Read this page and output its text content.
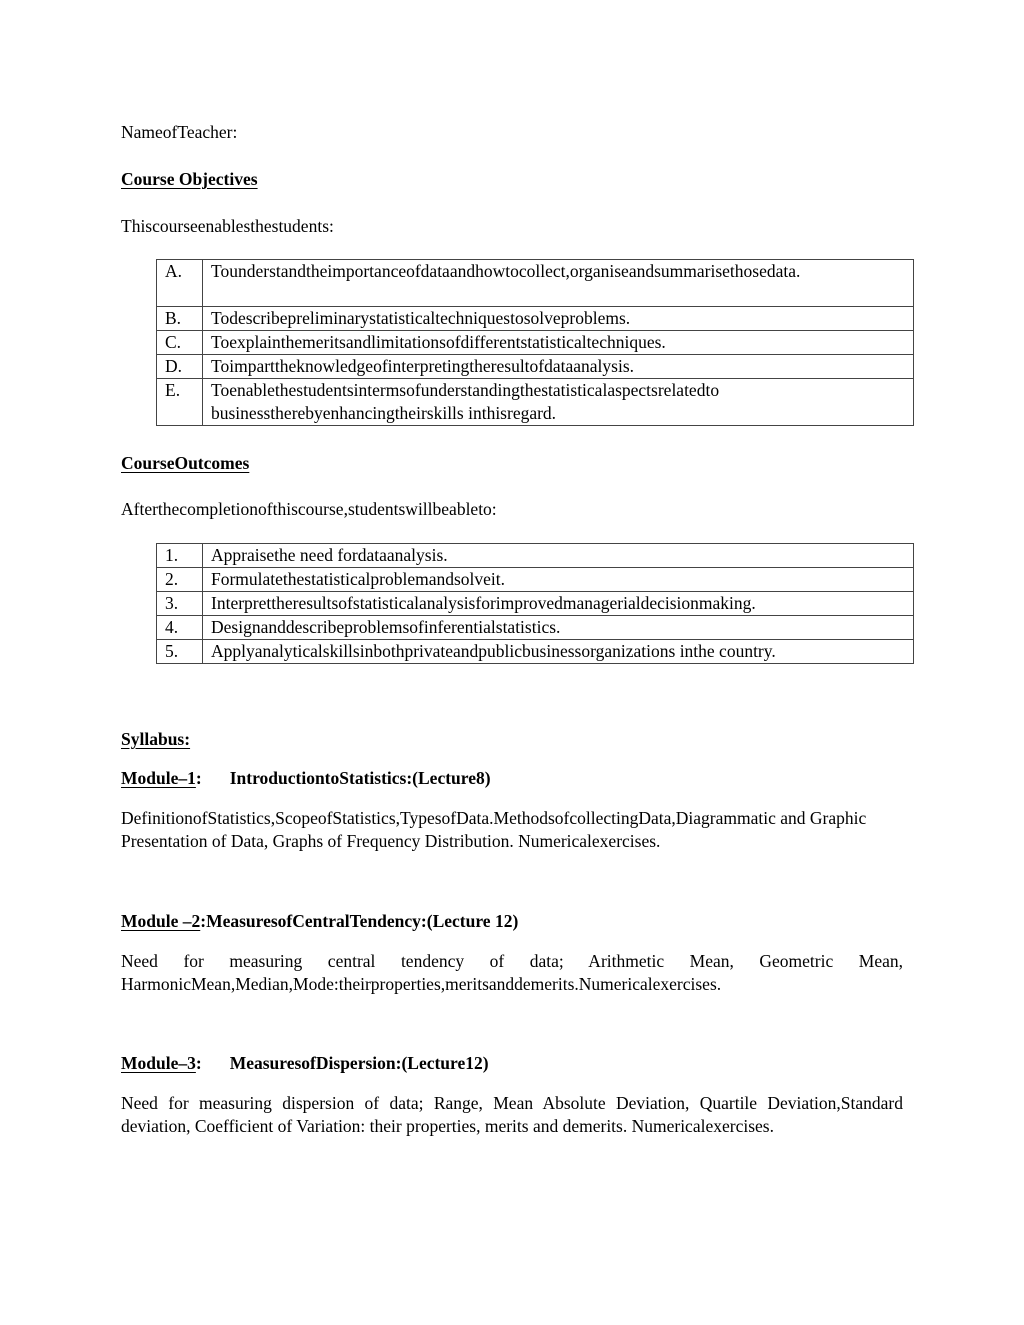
NameofTeacher:
Course Objectives
Thiscourseenablesthestudents:
A.	Tounderstandtheimportanceofdataandhowtocollect,organiseandsummarisethosedata.
B.	Todescribepreliminarystatisticaltechniquestosolveproblems.
C.	Toexplainthemeritsandlimitationsofdifferentstatisticaltechniques.
D.	Toimparttheknowledgeofinterpretingtheresultofdataanalysis.
E.	Toenablethestudentsintermsofunderstandingthestatisticalaspectsrelatedto businesstherebyenhancingtheirskills inthisregard.
CourseOutcomes
Afterthecompletionofthiscourse,studentswillbeableto:
1.	Appraisethe need fordataanalysis.
2.	Formulatethestatisticalproblemandsolveit.
3.	Interprettheresultsofstatisticalanalysisforimprovedmanagerialdecisionmaking.
4.	Designanddescribeproblemsofinferentialstatistics.
5.	Applyanalyticalskillsinbothprivateandpublicbusinessorganizations inthe country.
Syllabus:
Module–1: IntroductiontoStatistics:(Lecture8)
DefinitionofStatistics,ScopeofStatistics,TypesofData.MethodsofcollectingData,Diagrammatic and Graphic Presentation of Data, Graphs of Frequency Distribution. Numericalexercises.
Module –2:MeasuresofCentralTendency:(Lecture 12)
Need for measuring central tendency of data; Arithmetic Mean, Geometric Mean, HarmonicMean,Median,Mode:theirproperties,meritsanddemerits.Numericalexercises.
Module–3: MeasuresofDispersion:(Lecture12)
Need for measuring dispersion of data; Range, Mean Absolute Deviation, Quartile Deviation,Standard deviation, Coefficient of Variation: their properties, merits and demerits. Numericalexercises.
